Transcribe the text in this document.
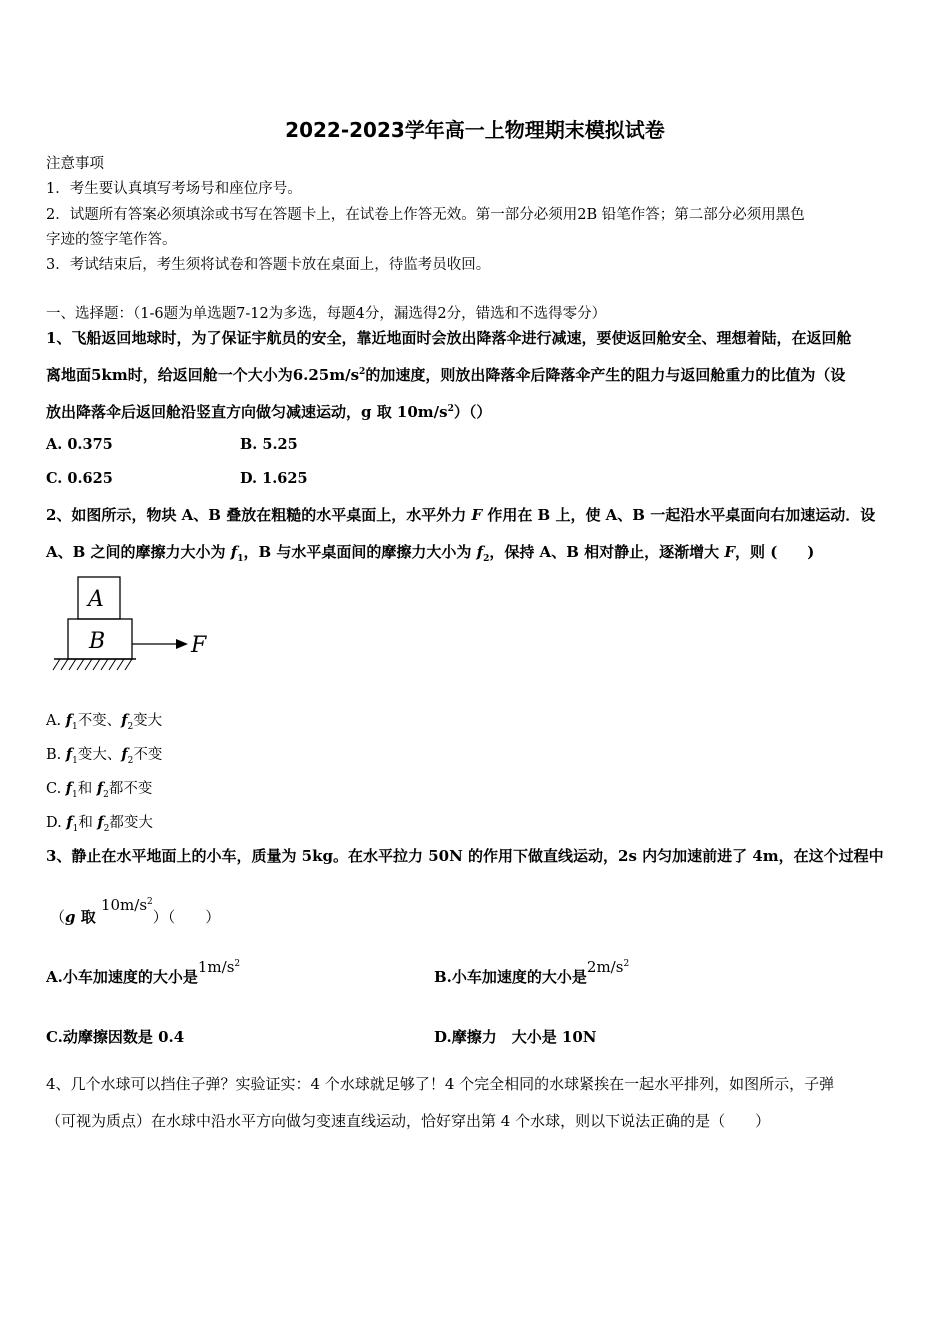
2022-2023学年高一上物理期末模拟试卷
注意事项
1．考生要认真填写考场号和座位序号。
2．试题所有答案必须填涂或书写在答题卡上，在试卷上作答无效。第一部分必须用2B 铅笔作答；第二部分必须用黑色
字迹的签字笔作答。
3．考试结束后，考生须将试卷和答题卡放在桌面上，待监考员收回。
一、选择题：（1-6题为单选题7-12为多选，每题4分，漏选得2分，错选和不选得零分）
1、飞船返回地球时，为了保证宇航员的安全，靠近地面时会放出降落伞进行减速，要使返回舱安全、理想着陆，在返回舱
离地面5km时，给返回舱一个大小为$6.25m/s^2$的加速度，则放出降落伞后降落伞产生的阻力与返回舱重力的比值为（设
放出降落伞后返回舱沿竖直方向做匀减速运动，g 取 $10m/s^2)()$
A. 0.375	B. 5.25
C. 0.625	D. 1.625
2、如图所示，物块 A、B 叠放在粗糙的水平桌面上，水平外力 F 作用在 B 上，使 A、B 一起沿水平桌面向右加速运动．设
A、B 之间的摩擦力大小为 $f_1$，B 与水平桌面间的摩擦力大小为 $f_2$，保持 A、B 相对静止，逐渐增大 F，则 (　　)
A
B	F
A. $f_1$不变、$f_2$变大
B. $f_1$变大、$f_2$不变
C. $f_1$和 $f_2$都不变
D. $f_1$和 $f_2$都变大
3、静止在水平地面上的小车，质量为 5kg。在水平拉力 50N 的作用下做直线运动，2s 内匀加速前进了 4m，在这个过程中
（g 取 $10m/s^2$）（　　）
A.小车加速度的大小是$1m/s^2$
B.小车加速度的大小是$2m/s^2$
C.动摩擦因数是 0.4	D.摩擦力　大小是 10N
4、几个水球可以挡住子弹？实验证实：4 个水球就足够了！4 个完全相同的水球紧挨在一起水平排列，如图所示，子弹
（可视为质点）在水球中沿水平方向做匀变速直线运动，恰好穿出第 4 个水球，则以下说法正确的是（　　）
